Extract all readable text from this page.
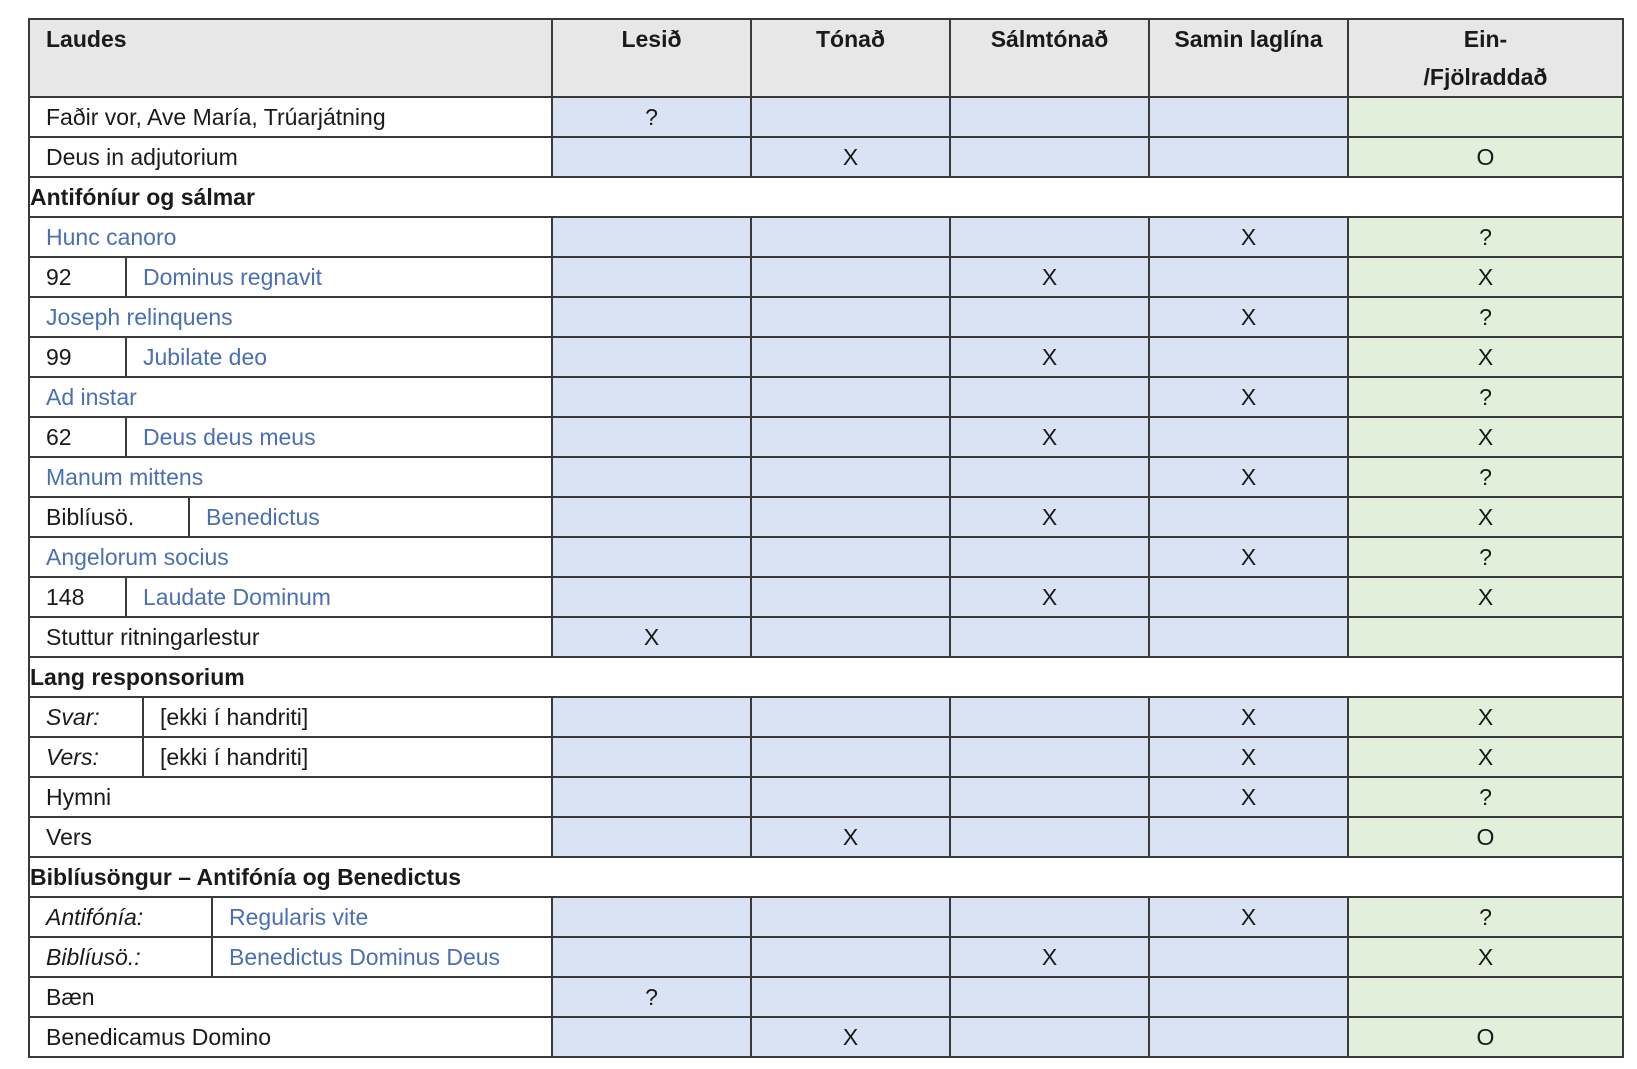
Laudes	Lesið	Tónað	Sálmtónað	Samin laglína	Ein-
/Fjölraddað

Faðir vor, Ave María, Trúarjátning	?				

Deus in adjutorium		X			O
Antifóníur og sálmar					

Hunc canoro				X	?

92 Dominus regnavit			X		X

Joseph relinquens				X	?

99 Jubilate deo			X		X

Ad instar				X	?

62 Deus deus meus			X		X

Manum mittens				X	?

Biblíusö. Benedictus			X		X

Angelorum socius				X	?

148 Laudate Dominum			X		X

Stuttur ritningarlestur	X				
Lang responsorium					

Svar: [ekki í handriti]				X	X

Vers: [ekki í handriti]				X	X

Hymni				X	?

Vers		X			O
Biblíusöngur – Antifónía og Benedictus					

Antifónía: Regularis vite				X	?

Biblíusö.: Benedictus Dominus Deus			X		X

Bæn	?				

Benedicamus Domino		X			O
